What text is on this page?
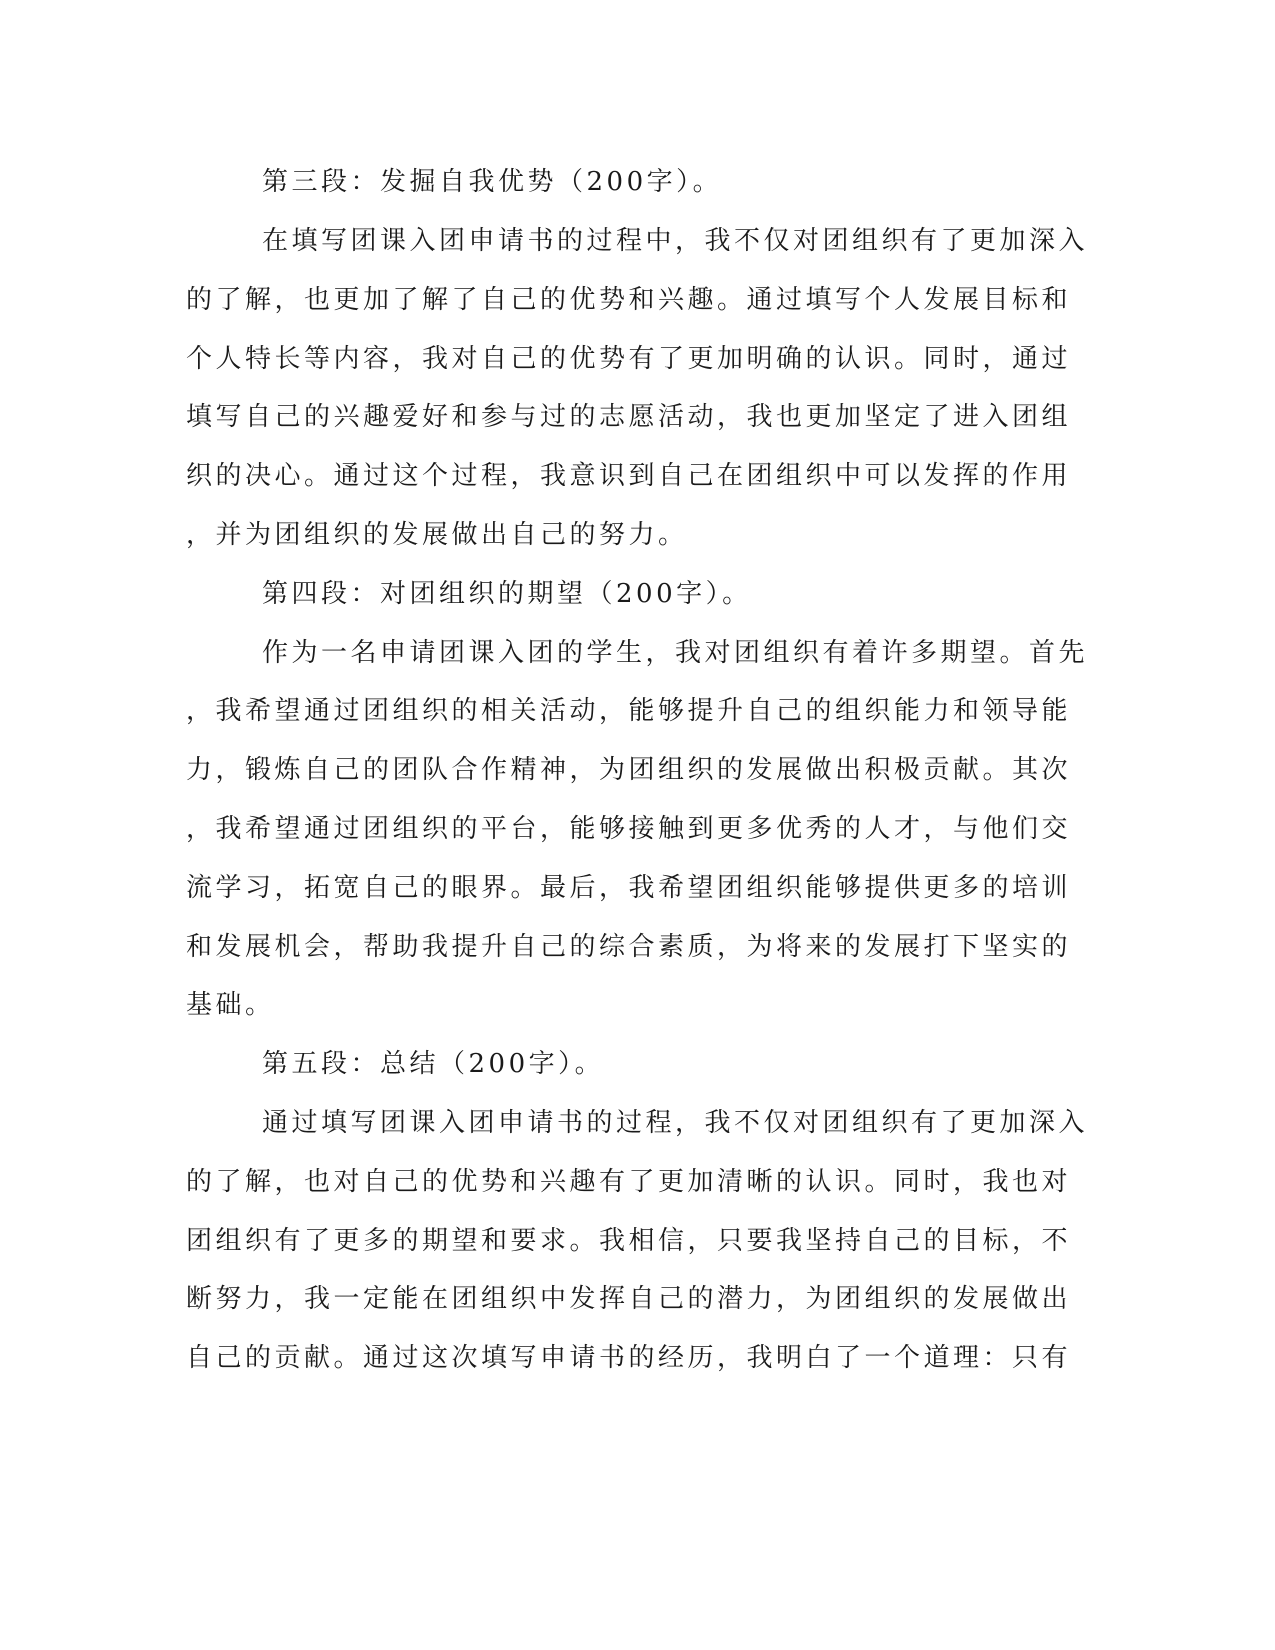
第三段：发掘自我优势（200字）。
在填写团课入团申请书的过程中，我不仅对团组织有了更加深入
的了解，也更加了解了自己的优势和兴趣。通过填写个人发展目标和
个人特长等内容，我对自己的优势有了更加明确的认识。同时，通过
填写自己的兴趣爱好和参与过的志愿活动，我也更加坚定了进入团组
织的决心。通过这个过程，我意识到自己在团组织中可以发挥的作用
，并为团组织的发展做出自己的努力。
第四段：对团组织的期望（200字）。
作为一名申请团课入团的学生，我对团组织有着许多期望。首先
，我希望通过团组织的相关活动，能够提升自己的组织能力和领导能
力，锻炼自己的团队合作精神，为团组织的发展做出积极贡献。其次
，我希望通过团组织的平台，能够接触到更多优秀的人才，与他们交
流学习，拓宽自己的眼界。最后，我希望团组织能够提供更多的培训
和发展机会，帮助我提升自己的综合素质，为将来的发展打下坚实的
基础。
第五段：总结（200字）。
通过填写团课入团申请书的过程，我不仅对团组织有了更加深入
的了解，也对自己的优势和兴趣有了更加清晰的认识。同时，我也对
团组织有了更多的期望和要求。我相信，只要我坚持自己的目标，不
断努力，我一定能在团组织中发挥自己的潜力，为团组织的发展做出
自己的贡献。通过这次填写申请书的经历，我明白了一个道理：只有
